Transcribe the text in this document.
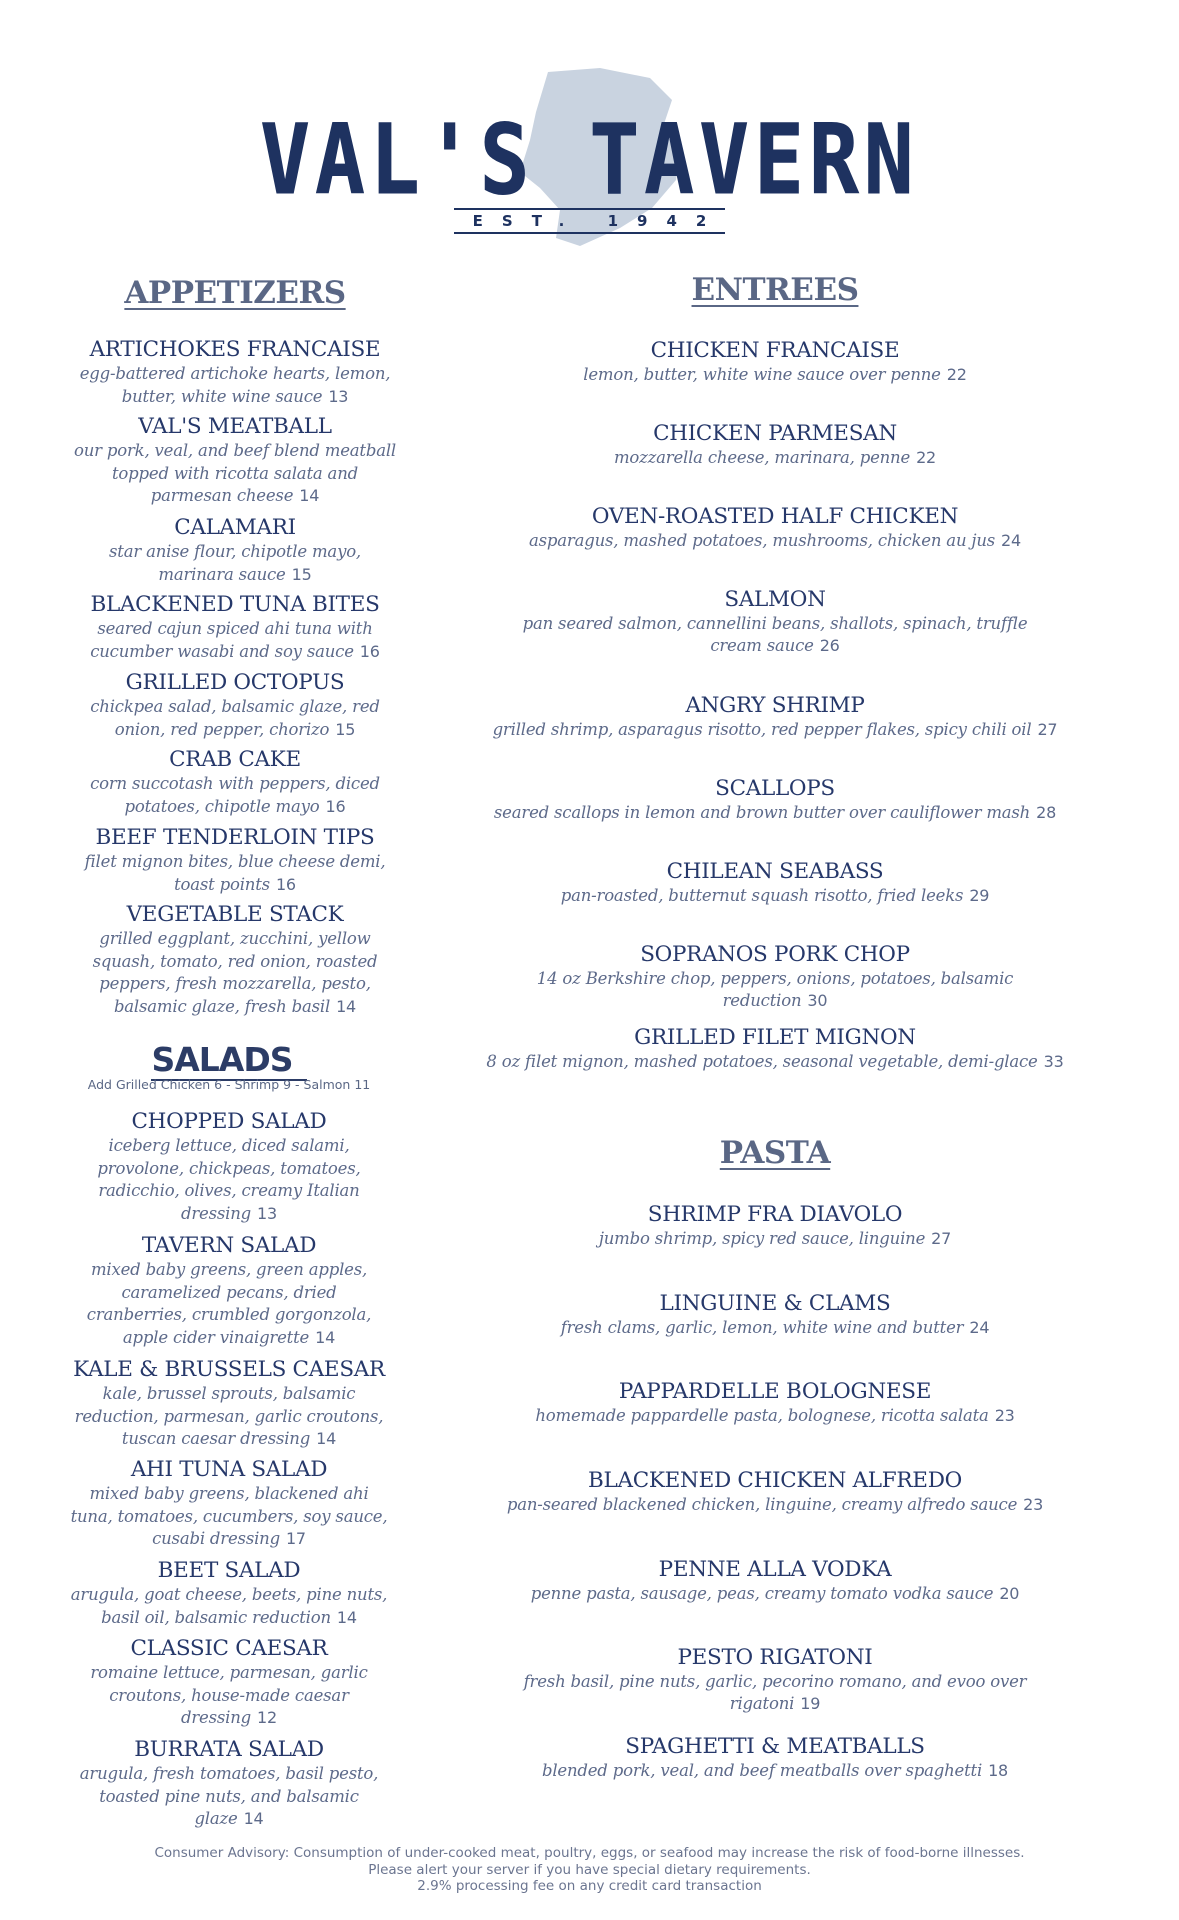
VAL'S TAVERN
EST. 1942
APPETIZERS
ARTICHOKES FRANCAISE
egg-battered artichoke hearts, lemon, butter, white wine sauce 13
VAL'S MEATBALL
our pork, veal, and beef blend meatball topped with ricotta salata and parmesan cheese 14
CALAMARI
star anise flour, chipotle mayo, marinara sauce 15
BLACKENED TUNA BITES
seared cajun spiced ahi tuna with cucumber wasabi and soy sauce 16
GRILLED OCTOPUS
chickpea salad, balsamic glaze, red onion, red pepper, chorizo 15
CRAB CAKE
corn succotash with peppers, diced potatoes, chipotle mayo 16
BEEF TENDERLOIN TIPS
filet mignon bites, blue cheese demi, toast points 16
VEGETABLE STACK
grilled eggplant, zucchini, yellow squash, tomato, red onion, roasted peppers, fresh mozzarella, pesto, balsamic glaze, fresh basil 14
SALADS
Add Grilled Chicken 6 - Shrimp 9 - Salmon 11
CHOPPED SALAD
iceberg lettuce, diced salami, provolone, chickpeas, tomatoes, radicchio, olives, creamy Italian dressing 13
TAVERN SALAD
mixed baby greens, green apples, caramelized pecans, dried cranberries, crumbled gorgonzola, apple cider vinaigrette 14
KALE & BRUSSELS CAESAR
kale, brussel sprouts, balsamic reduction, parmesan, garlic croutons, tuscan caesar dressing 14
AHI TUNA SALAD
mixed baby greens, blackened ahi tuna, tomatoes, cucumbers, soy sauce, cusabi dressing 17
BEET SALAD
arugula, goat cheese, beets, pine nuts, basil oil, balsamic reduction 14
CLASSIC CAESAR
romaine lettuce, parmesan, garlic croutons, house-made caesar dressing 12
BURRATA SALAD
arugula, fresh tomatoes, basil pesto, toasted pine nuts, and balsamic glaze 14
ENTREES
CHICKEN FRANCAISE
lemon, butter, white wine sauce over penne 22
CHICKEN PARMESAN
mozzarella cheese, marinara, penne 22
OVEN-ROASTED HALF CHICKEN
asparagus, mashed potatoes, mushrooms, chicken au jus 24
SALMON
pan seared salmon, cannellini beans, shallots, spinach, truffle cream sauce 26
ANGRY SHRIMP
grilled shrimp, asparagus risotto, red pepper flakes, spicy chili oil 27
SCALLOPS
seared scallops in lemon and brown butter over cauliflower mash 28
CHILEAN SEABASS
pan-roasted, butternut squash risotto, fried leeks 29
SOPRANOS PORK CHOP
14 oz Berkshire chop, peppers, onions, potatoes, balsamic reduction 30
GRILLED FILET MIGNON
8 oz filet mignon, mashed potatoes, seasonal vegetable, demi-glace 33
PASTA
SHRIMP FRA DIAVOLO
jumbo shrimp, spicy red sauce, linguine 27
LINGUINE & CLAMS
fresh clams, garlic, lemon, white wine and butter 24
PAPPARDELLE BOLOGNESE
homemade pappardelle pasta, bolognese, ricotta salata 23
BLACKENED CHICKEN ALFREDO
pan-seared blackened chicken, linguine, creamy alfredo sauce 23
PENNE ALLA VODKA
penne pasta, sausage, peas, creamy tomato vodka sauce 20
PESTO RIGATONI
fresh basil, pine nuts, garlic, pecorino romano, and evoo over rigatoni 19
SPAGHETTI & MEATBALLS
blended pork, veal, and beef meatballs over spaghetti 18
Consumer Advisory: Consumption of under-cooked meat, poultry, eggs, or seafood may increase the risk of food-borne illnesses.
Please alert your server if you have special dietary requirements.
2.9% processing fee on any credit card transaction
